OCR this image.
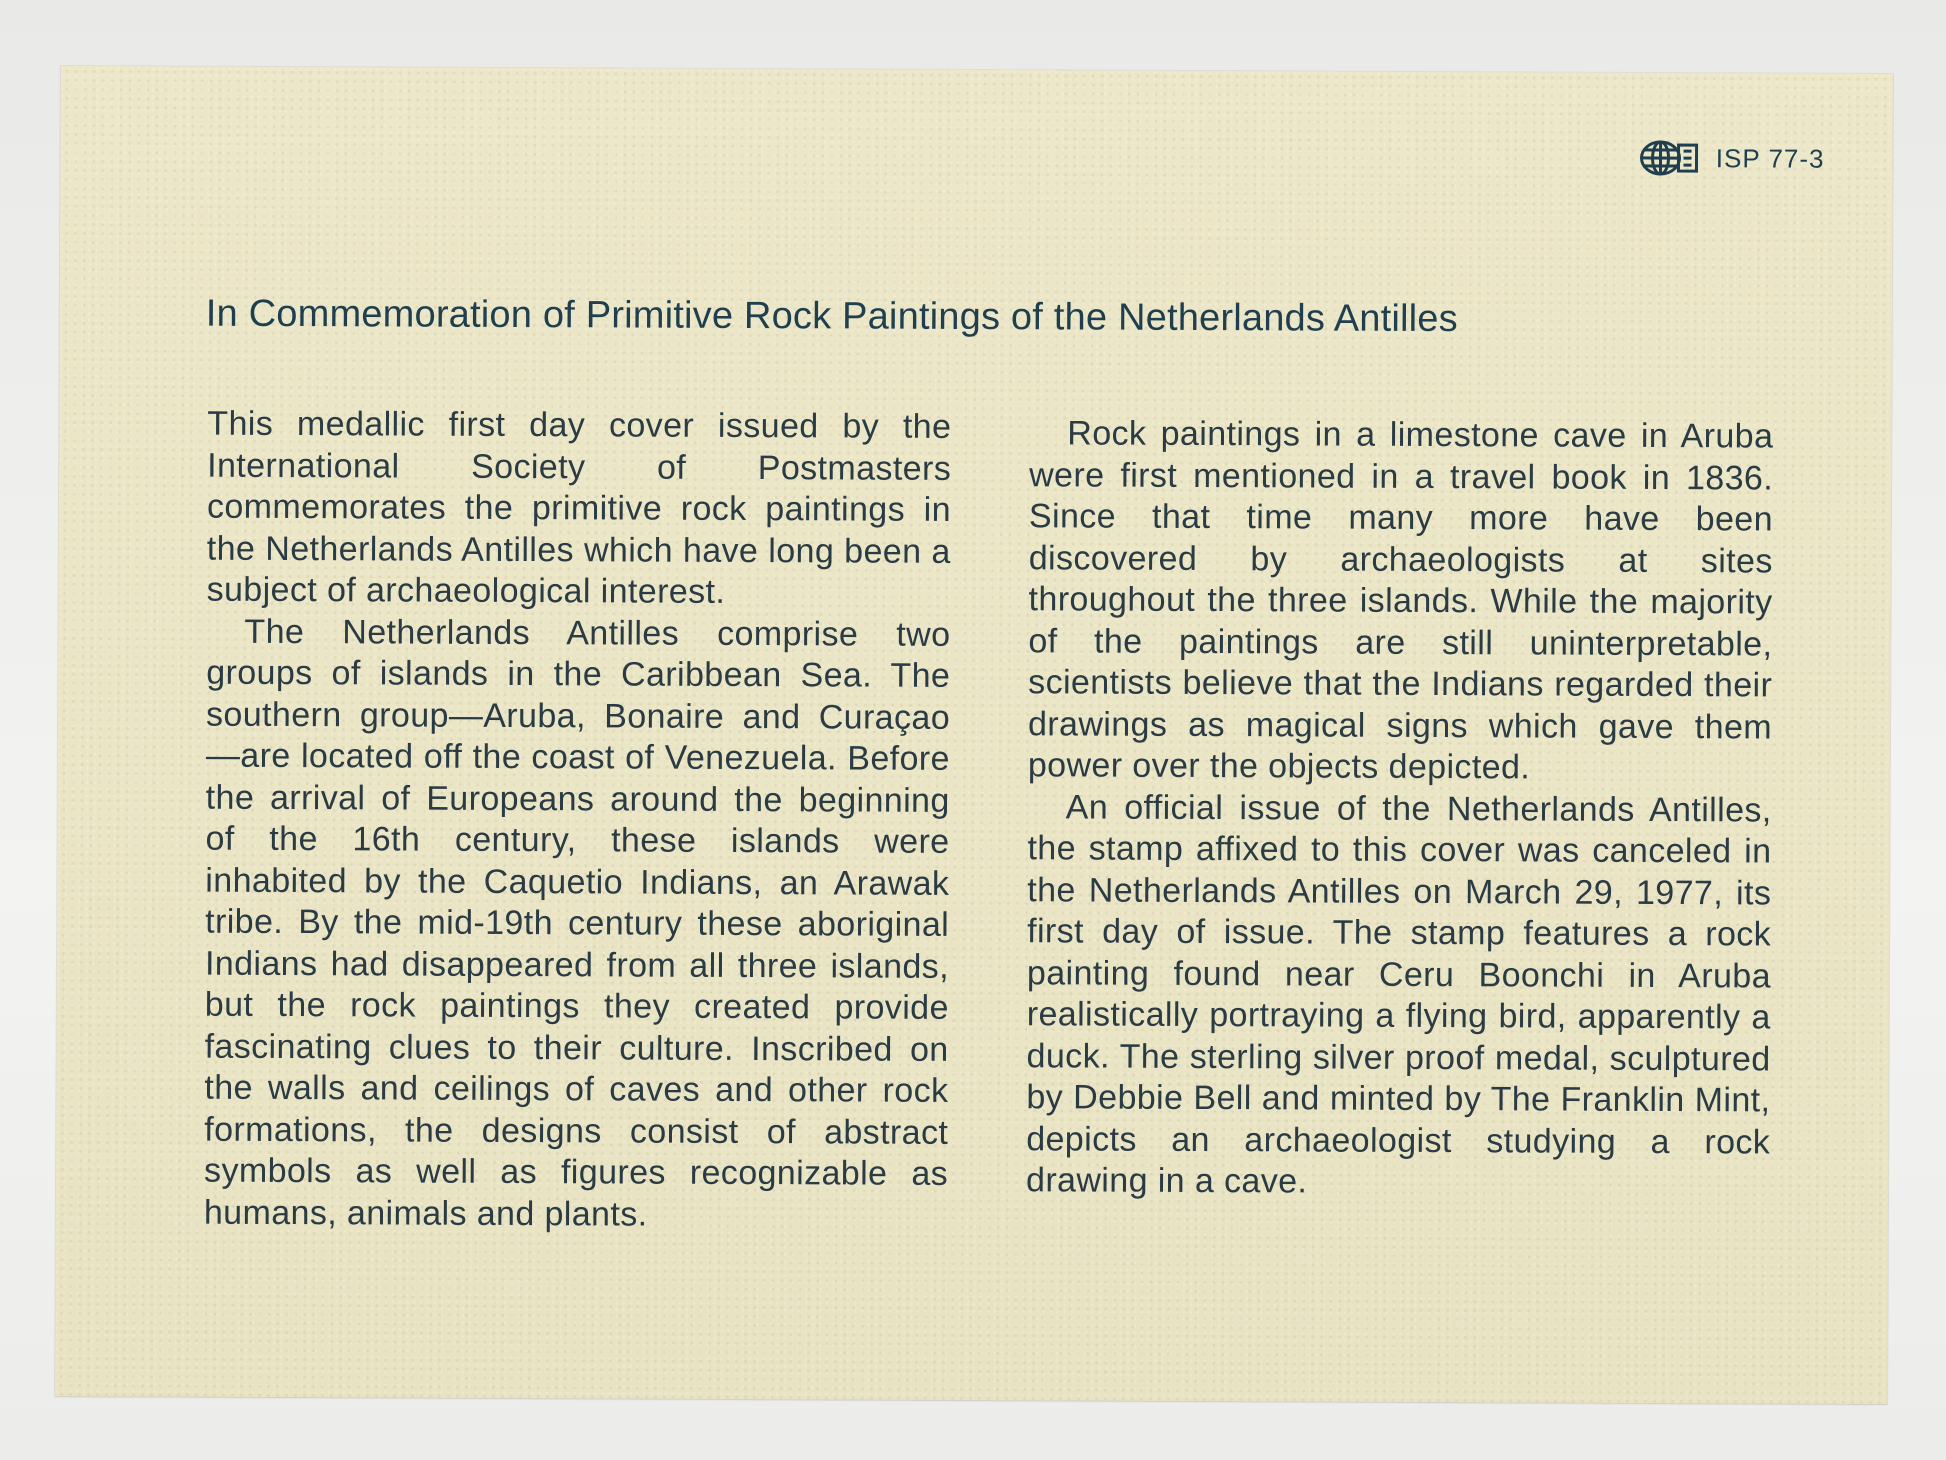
ISP 77-3
In Commemoration of Primitive Rock Paintings of the Netherlands Antilles

This medallic first day cover issued by the International Society of Postmasters commemorates the primitive rock paintings in the Netherlands Antilles which have long been a subject of archaeological interest.

The Netherlands Antilles comprise two groups of islands in the Caribbean Sea. The southern group—Aruba, Bonaire and Curaçao—are located off the coast of Venezuela. Before the arrival of Europeans around the beginning of the 16th century, these islands were inhabited by the Caquetio Indians, an Arawak tribe. By the mid-19th century these aboriginal Indians had disappeared from all three islands, but the rock paintings they created provide fascinating clues to their culture. Inscribed on the walls and ceilings of caves and other rock formations, the designs consist of abstract symbols as well as figures recognizable as humans, animals and plants.

Rock paintings in a limestone cave in Aruba were first mentioned in a travel book in 1836. Since that time many more have been discovered by archaeologists at sites throughout the three islands. While the majority of the paintings are still uninterpretable, scientists believe that the Indians regarded their drawings as magical signs which gave them power over the objects depicted.

An official issue of the Netherlands Antilles, the stamp affixed to this cover was canceled in the Netherlands Antilles on March 29, 1977, its first day of issue. The stamp features a rock painting found near Ceru Boonchi in Aruba realistically portraying a flying bird, apparently a duck. The sterling silver proof medal, sculptured by Debbie Bell and minted by The Franklin Mint, depicts an archaeologist studying a rock drawing in a cave.
